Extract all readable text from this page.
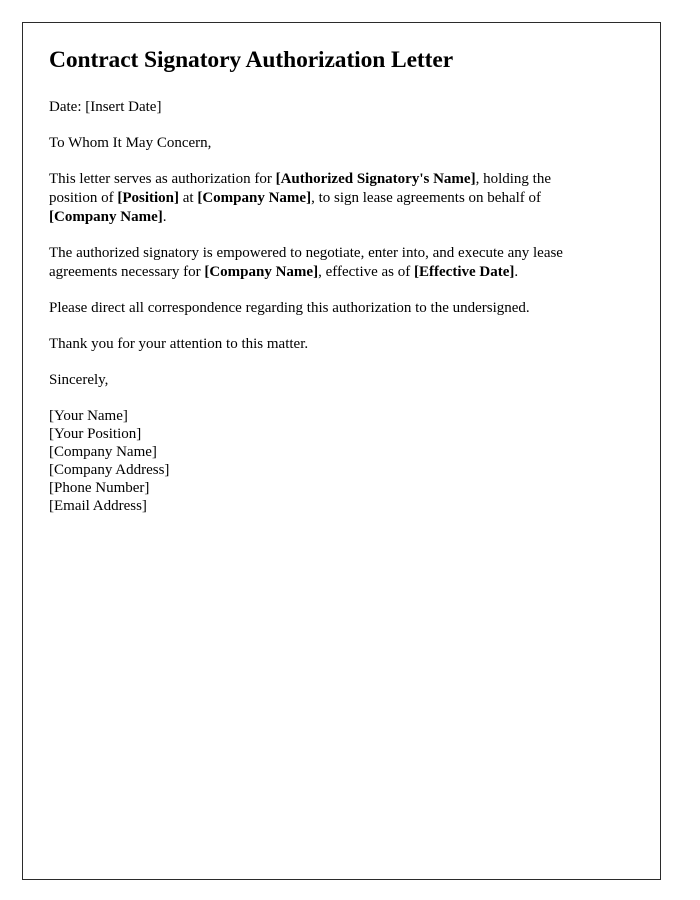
Contract Signatory Authorization Letter

Date: [Insert Date]

To Whom It May Concern,

This letter serves as authorization for [Authorized Signatory's Name], holding the position of [Position] at [Company Name], to sign lease agreements on behalf of [Company Name].

The authorized signatory is empowered to negotiate, enter into, and execute any lease agreements necessary for [Company Name], effective as of [Effective Date].

Please direct all correspondence regarding this authorization to the undersigned.

Thank you for your attention to this matter.

Sincerely,

[Your Name]
[Your Position]
[Company Name]
[Company Address]
[Phone Number]
[Email Address]
